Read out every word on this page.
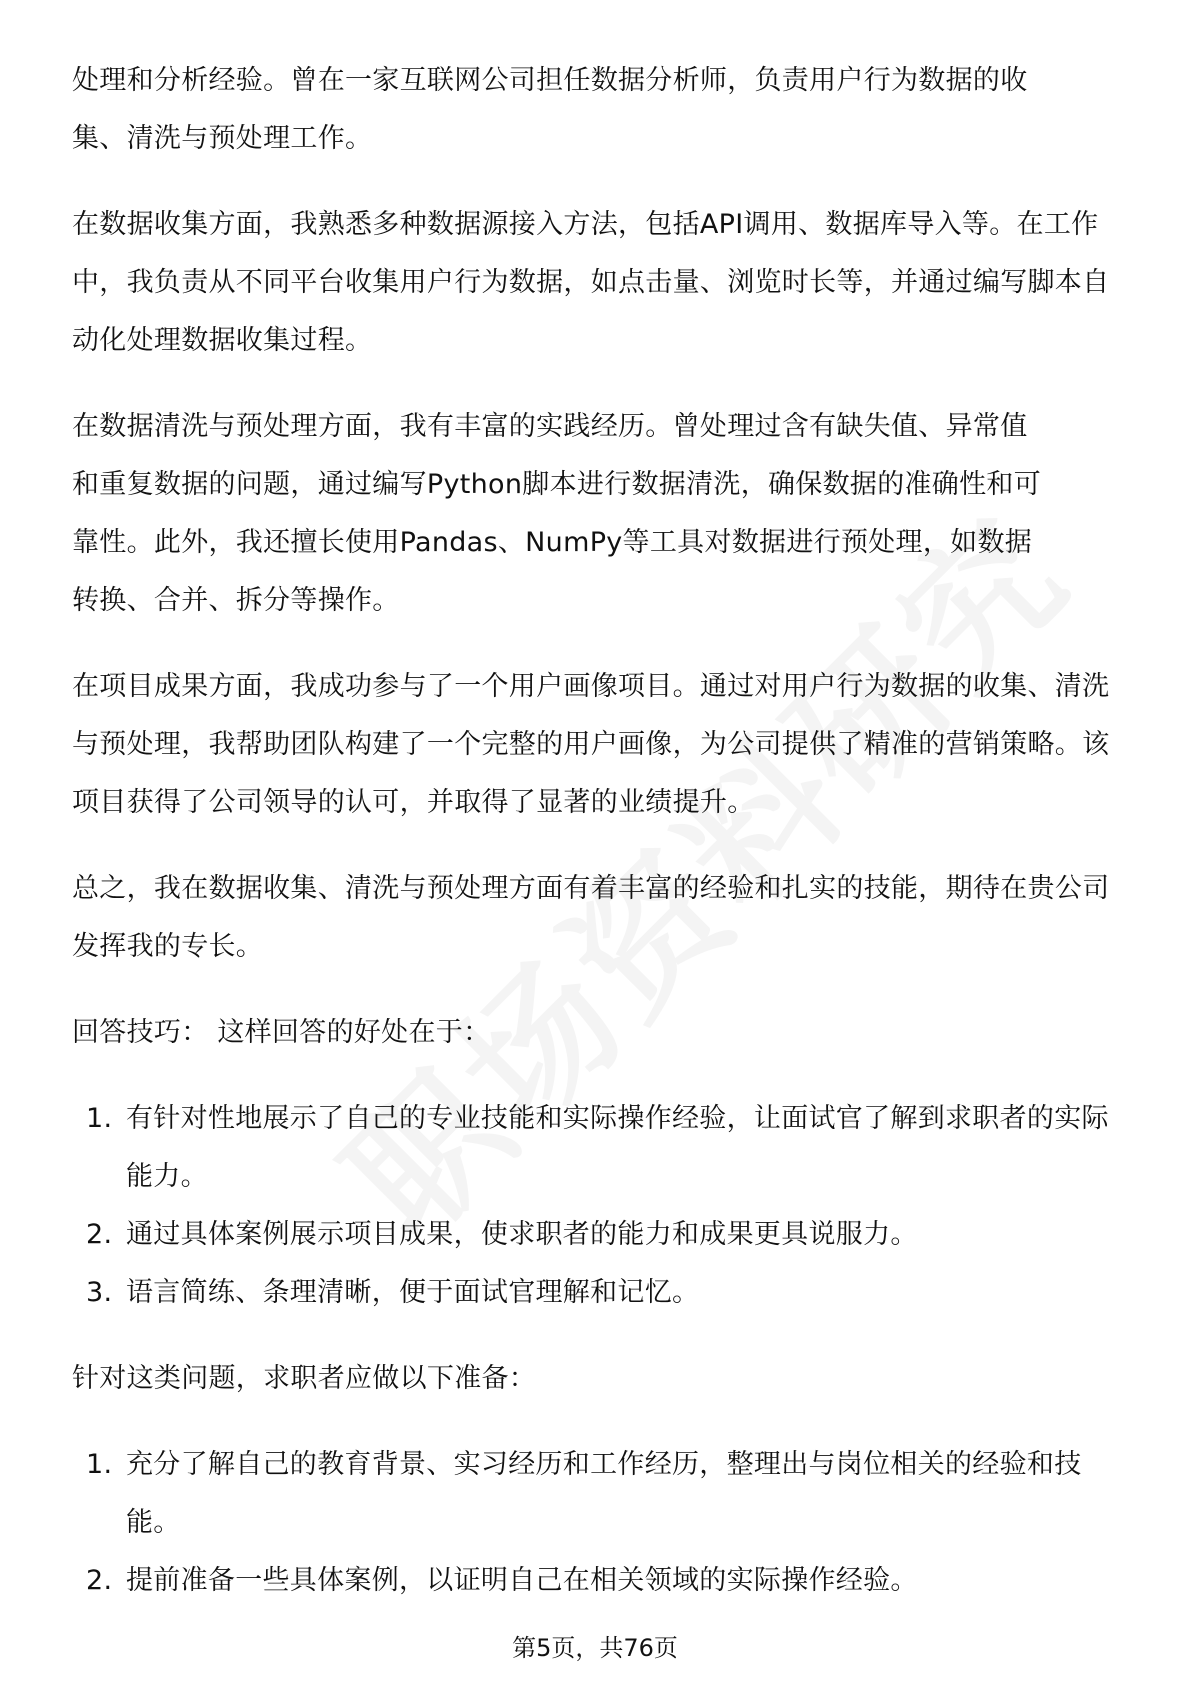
处理和分析经验。曾在一家互联网公司担任数据分析师，负责用户行为数据的收集、清洗与预处理工作。

在数据收集方面，我熟悉多种数据源接入方法，包括API调用、数据库导入等。在工作中，我负责从不同平台收集用户行为数据，如点击量、浏览时长等，并通过编写脚本自动化处理数据收集过程。

在数据清洗与预处理方面，我有丰富的实践经历。曾处理过含有缺失值、异常值和重复数据的问题，通过编写Python脚本进行数据清洗，确保数据的准确性和可靠性。此外，我还擅长使用Pandas、NumPy等工具对数据进行预处理，如数据转换、合并、拆分等操作。

在项目成果方面，我成功参与了一个用户画像项目。通过对用户行为数据的收集、清洗与预处理，我帮助团队构建了一个完整的用户画像，为公司提供了精准的营销策略。该项目获得了公司领导的认可，并取得了显著的业绩提升。

总之，我在数据收集、清洗与预处理方面有着丰富的经验和扎实的技能，期待在贵公司发挥我的专长。

回答技巧： 这样回答的好处在于：

1. 有针对性地展示了自己的专业技能和实际操作经验，让面试官了解到求职者的实际能力。
2. 通过具体案例展示项目成果，使求职者的能力和成果更具说服力。
3. 语言简练、条理清晰，便于面试官理解和记忆。

针对这类问题，求职者应做以下准备：

1. 充分了解自己的教育背景、实习经历和工作经历，整理出与岗位相关的经验和技能。
2. 提前准备一些具体案例，以证明自己在相关领域的实际操作经验。
第5页，共76页
